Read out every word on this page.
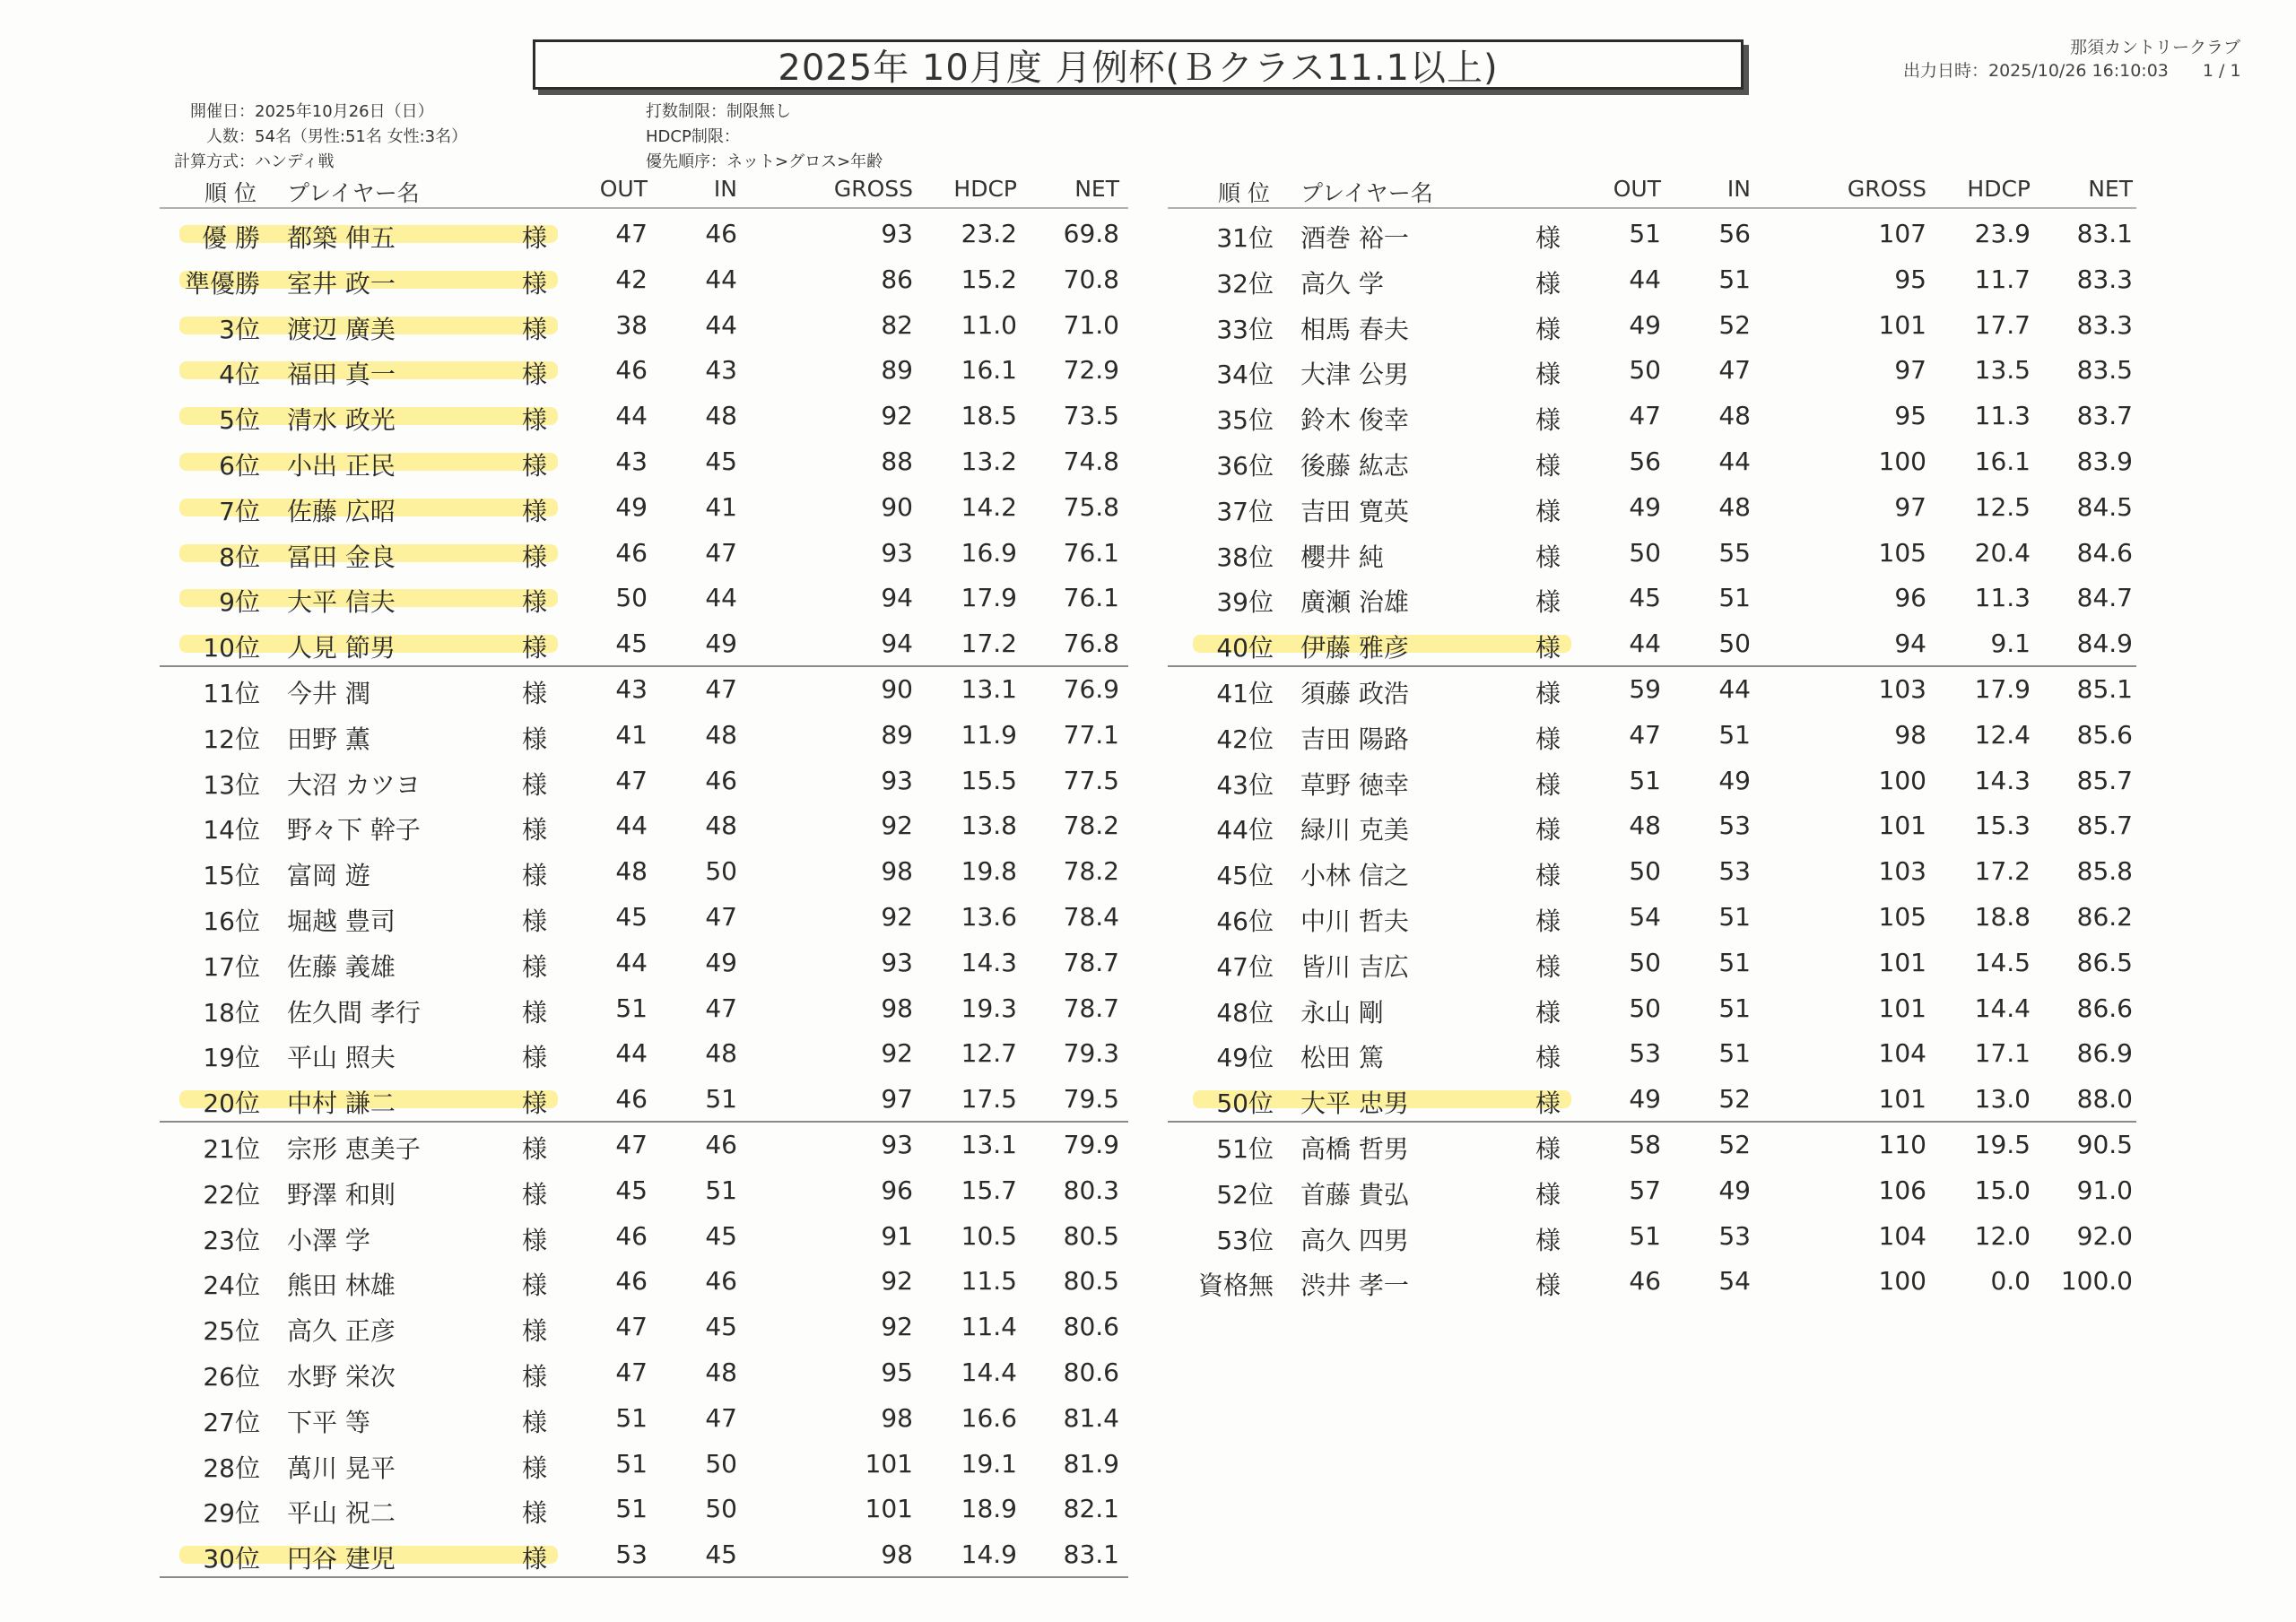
2025年 10月度 月例杯(Ｂクラス11.1以上)	那須カントリークラブ
出力日時：2025/10/26 16:10:03 1 / 1
開催日：2025年10月26日（日）
人数：54名（男性:51名 女性:3名）
計算方式：ハンディ戦
打数制限：制限無し
HDCP制限：
優先順序：ネット>グロス>年齢
順 位 プレイヤー名	OUT	IN	GROSS HDCP	NET
優 勝 都築 伸五	様	47 46	93 23.2 69.8
準優勝 室井 政一	様	42 44	86 15.2 70.8
3位 渡辺 廣美	様	38 44	82 11.0 71.0
4位 福田 真一	様	46 43	89 16.1 72.9
5位 清水 政光	様	44 48	92 18.5 73.5
6位 小出 正民	様	43 45	88 13.2 74.8
7位 佐藤 広昭	様	49 41	90 14.2 75.8
8位 冨田 金良	様	46 47	93 16.9 76.1
9位 大平 信夫	様	50 44	94 17.9 76.1
10位 人見 節男	様	45 49	94 17.2 76.8
11位 今井 潤	様	43 47	90 13.1 76.9
12位 田野 薫	様	41 48	89 11.9 77.1
13位 大沼 カツヨ	様	47 46	93 15.5 77.5
14位 野々下 幹子	様	44 48	92 13.8 78.2
15位 富岡 遊	様	48 50	98 19.8 78.2
16位 堀越 豊司	様	45 47	92 13.6 78.4
17位 佐藤 義雄	様	44 49	93 14.3 78.7
18位 佐久間 孝行	様	51 47	98 19.3 78.7
19位 平山 照夫	様	44 48	92 12.7 79.3
20位 中村 謙二	様	46 51	97 17.5 79.5
21位 宗形 恵美子	様	47 46	93 13.1 79.9
22位 野澤 和則	様	45 51	96 15.7 80.3
23位 小澤 学	様	46 45	91 10.5 80.5
24位 熊田 林雄	様	46 46	92 11.5 80.5
25位 高久 正彦	様	47 45	92 11.4 80.6
26位 水野 栄次	様	47 48	95 14.4 80.6
27位 下平 等	様	51 47	98 16.6 81.4
28位 萬川 晃平	様	51 50	101 19.1 81.9
29位 平山 祝二	様	51 50	101 18.9 82.1
30位 円谷 建児	様	53 45	98 14.9 83.1
順 位 プレイヤー名	OUT	IN	GROSS HDCP	NET
31位 酒巻 裕一	様	51 56	107 23.9 83.1
32位 高久 学	様	44 51	95 11.7 83.3
33位 相馬 春夫	様	49 52	101 17.7 83.3
34位 大津 公男	様	50 47	97 13.5 83.5
35位 鈴木 俊幸	様	47 48	95 11.3 83.7
36位 後藤 紘志	様	56 44	100 16.1 83.9
37位 吉田 寛英	様	49 48	97 12.5 84.5
38位 櫻井 純	様	50 55	105 20.4 84.6
39位 廣瀬 治雄	様	45 51	96 11.3 84.7
40位 伊藤 雅彦	様	44 50	94	9.1 84.9
41位 須藤 政浩	様	59 44	103 17.9 85.1
42位 吉田 陽路	様	47 51	98 12.4 85.6
43位 草野 徳幸	様	51 49	100 14.3 85.7
44位 緑川 克美	様	48 53	101 15.3 85.7
45位 小林 信之	様	50 53	103 17.2 85.8
46位 中川 哲夫	様	54 51	105 18.8 86.2
47位 皆川 吉広	様	50 51	101 14.5 86.5
48位 永山 剛	様	50 51	101 14.4 86.6
49位 松田 篤	様	53 51	104 17.1 86.9
50位 大平 忠男	様	49 52	101 13.0 88.0
51位 高橋 哲男	様	58 52	110 19.5 90.5
52位 首藤 貴弘	様	57 49	106 15.0 91.0
53位 高久 四男	様	51 53	104 12.0 92.0
資格無 渋井 孝一	様	46 54	100	0.0 100.0
